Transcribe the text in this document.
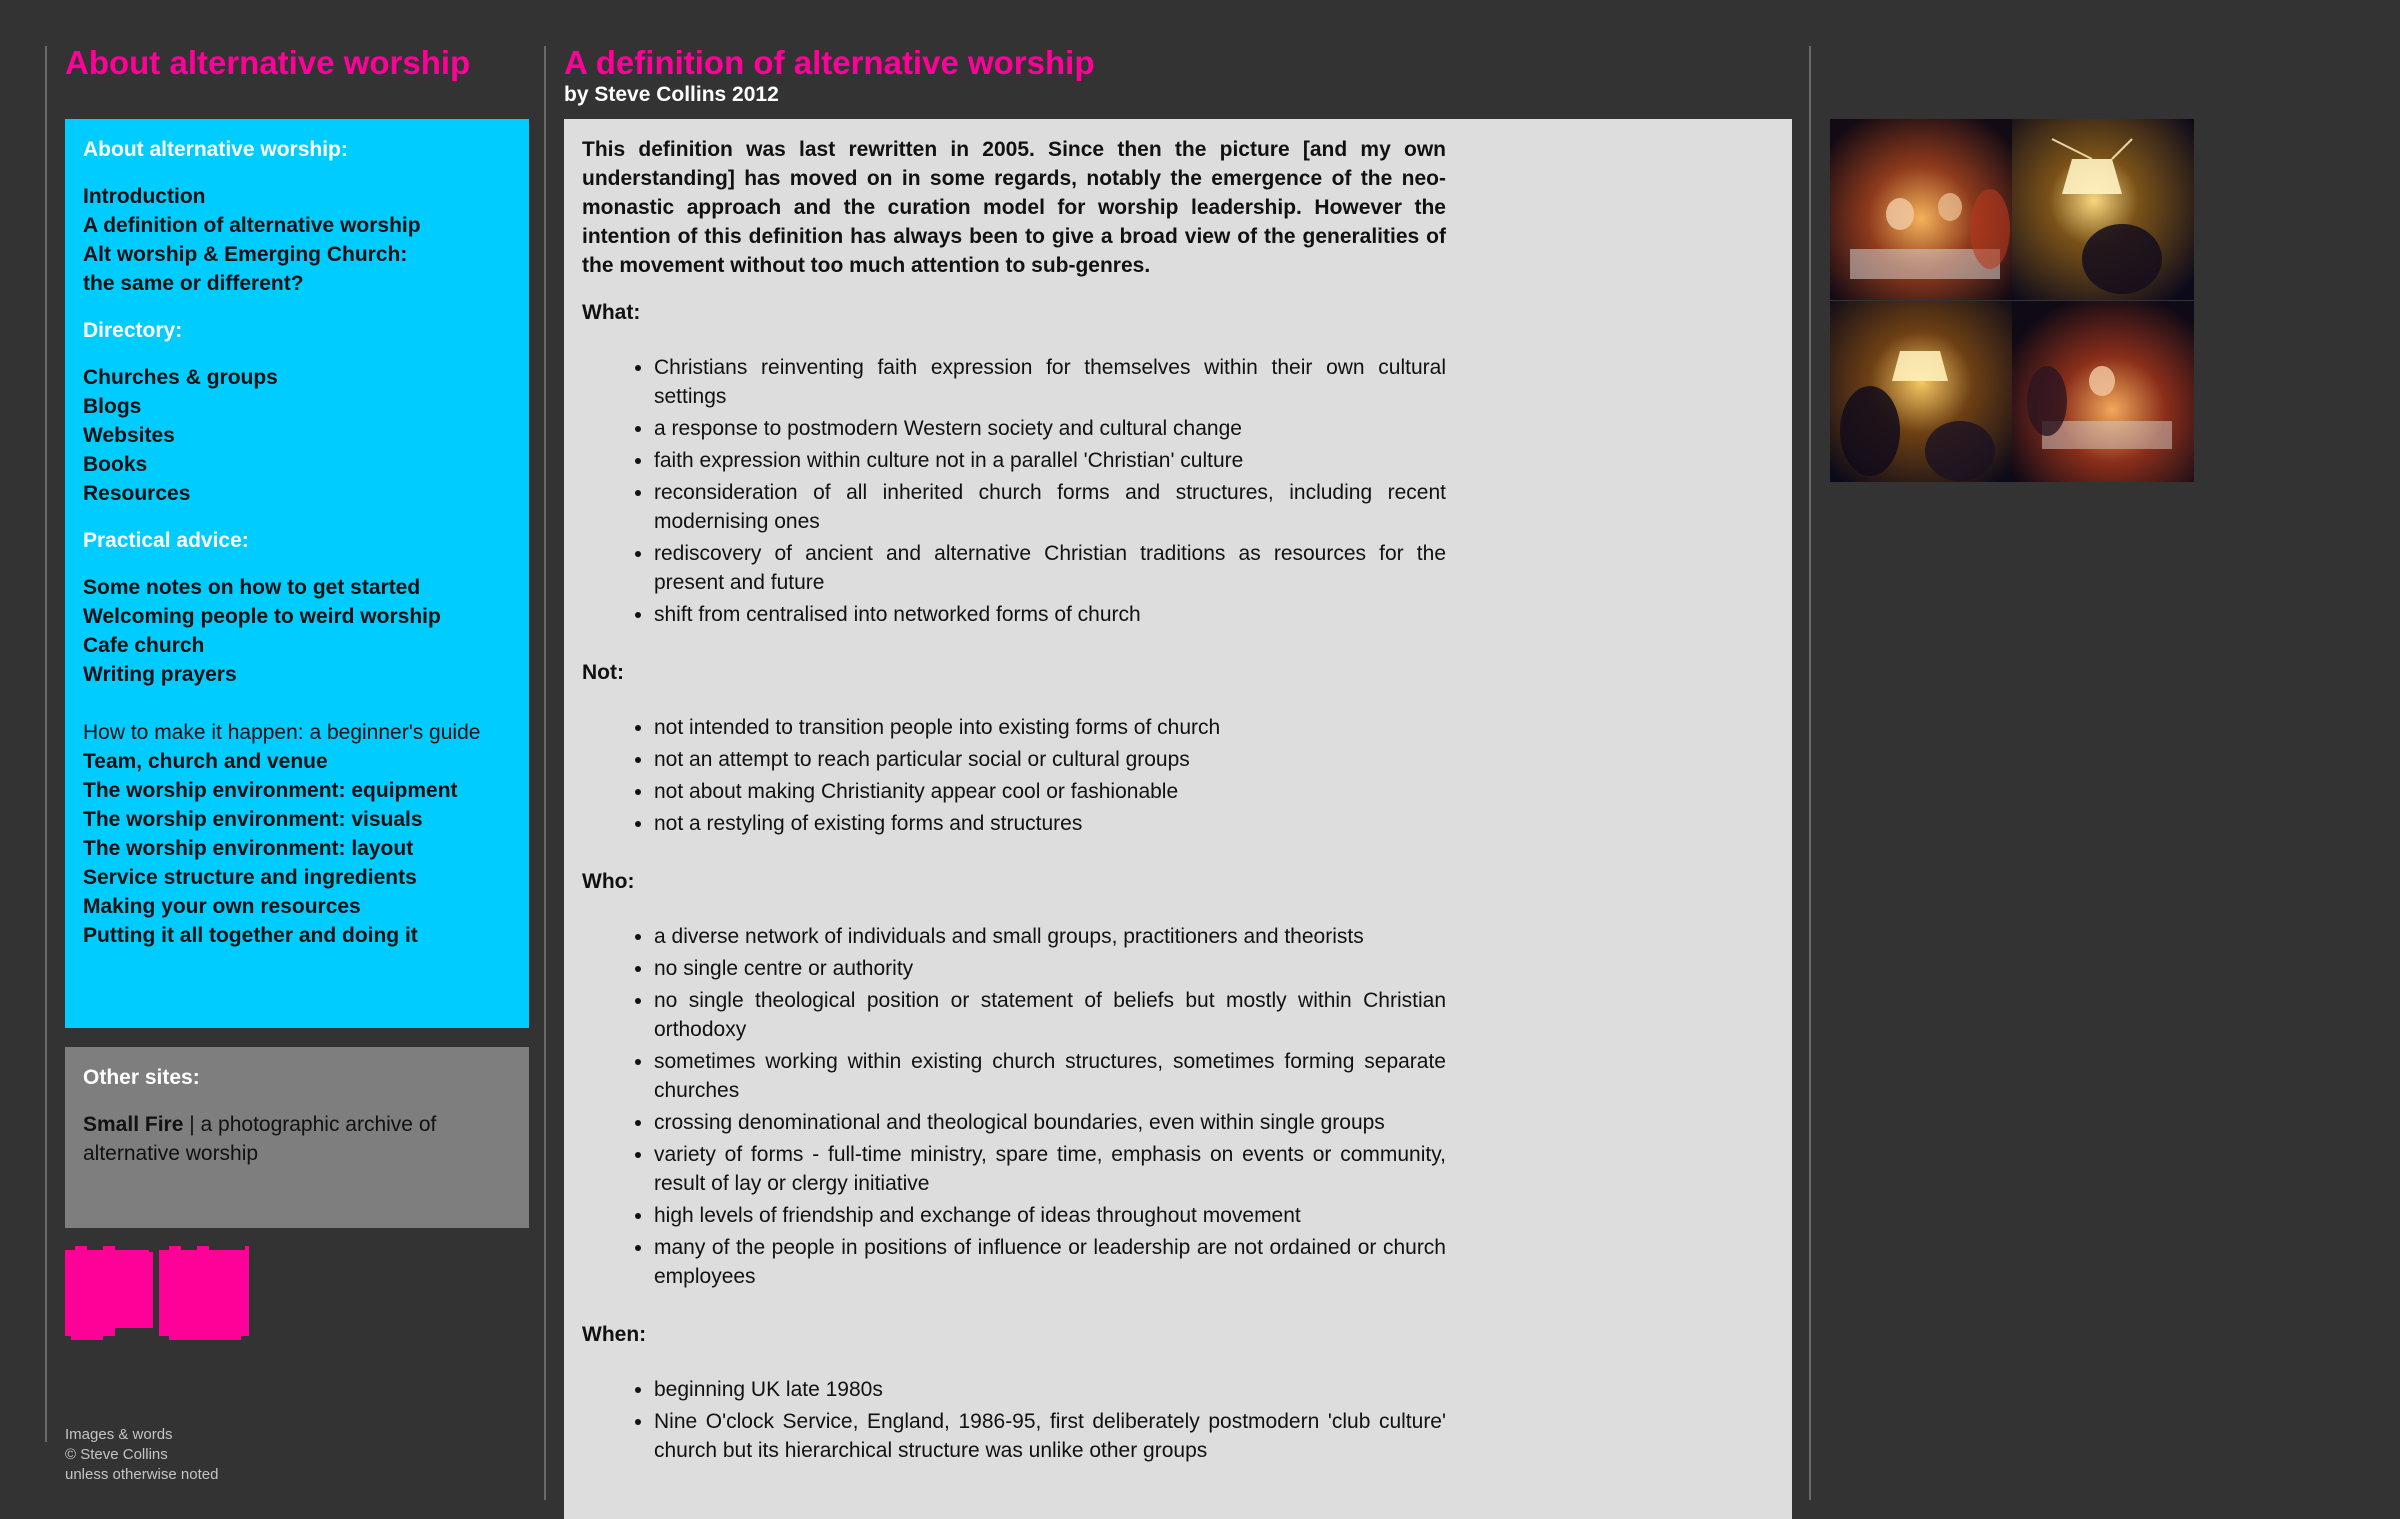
About alternative worship
About alternative worship:
Introduction
A definition of alternative worship
Alt worship & Emerging Church:
the same or different?
Directory:
Churches & groups
Blogs
Websites
Books
Resources
Practical advice:
Some notes on how to get started
Welcoming people to weird worship
Cafe church
Writing prayers
How to make it happen: a beginner's guide
Team, church and venue
The worship environment: equipment
The worship environment: visuals
The worship environment: layout
Service structure and ingredients
Making your own resources
Putting it all together and doing it
Other sites:
Small Fire | a photographic archive of alternative worship
Images & words
© Steve Collins
unless otherwise noted
A definition of alternative worship
by Steve Collins 2012

This definition was last rewritten in 2005. Since then the picture [and my own understanding] has moved on in some regards, notably the emergence of the neo-monastic approach and the curation model for worship leadership. However the intention of this definition has always been to give a broad view of the generalities of the movement without too much attention to sub-genres.

What:
• Christians reinventing faith expression for themselves within their own cultural settings
• a response to postmodern Western society and cultural change
• faith expression within culture not in a parallel 'Christian' culture
• reconsideration of all inherited church forms and structures, including recent modernising ones
• rediscovery of ancient and alternative Christian traditions as resources for the present and future
• shift from centralised into networked forms of church
Not:
• not intended to transition people into existing forms of church
• not an attempt to reach particular social or cultural groups
• not about making Christianity appear cool or fashionable
• not a restyling of existing forms and structures
Who:
• a diverse network of individuals and small groups, practitioners and theorists
• no single centre or authority
• no single theological position or statement of beliefs but mostly within Christian orthodoxy
• sometimes working within existing church structures, sometimes forming separate churches
• crossing denominational and theological boundaries, even within single groups
• variety of forms - full-time ministry, spare time, emphasis on events or community, result of lay or clergy initiative
• high levels of friendship and exchange of ideas throughout movement
• many of the people in positions of influence or leadership are not ordained or church employees
When:
• beginning UK late 1980s
• Nine O'clock Service, England, 1986-95, first deliberately postmodern 'club culture' church but its hierarchical structure was unlike other groups
